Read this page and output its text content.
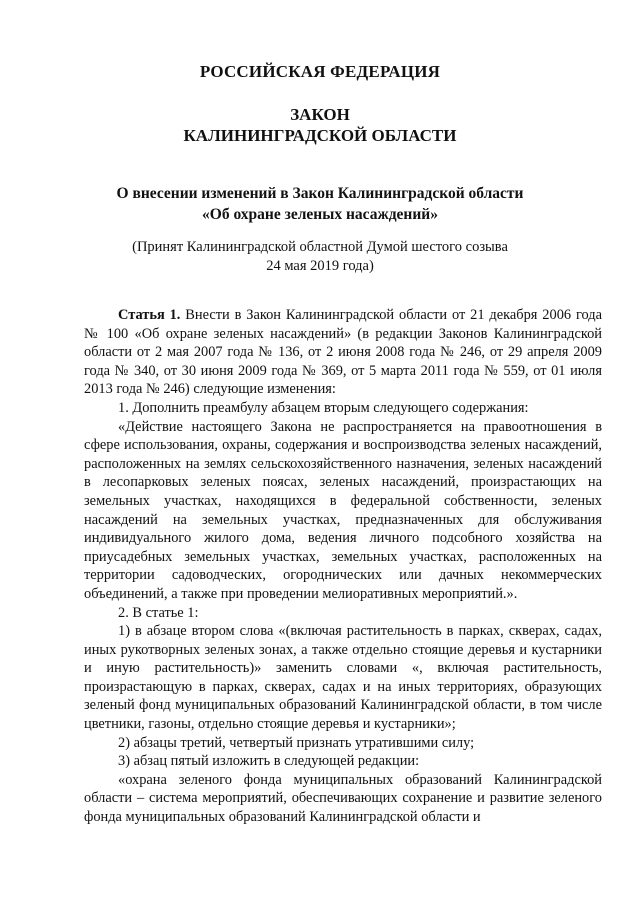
РОССИЙСКАЯ ФЕДЕРАЦИЯ
ЗАКОН
КАЛИНИНГРАДСКОЙ ОБЛАСТИ
О внесении изменений в Закон Калининградской области
«Об охране зеленых насаждений»
(Принят Калининградской областной Думой шестого созыва
24 мая 2019 года)

Статья 1. Внести в Закон Калининградской области от 21 декабря 2006 года № 100 «Об охране зеленых насаждений» (в редакции Законов Калининградской области от 2 мая 2007 года № 136, от 2 июня 2008 года № 246, от 29 апреля 2009 года № 340, от 30 июня 2009 года № 369, от 5 марта 2011 года № 559, от 01 июля 2013 года № 246) следующие изменения:

1. Дополнить преамбулу абзацем вторым следующего содержания:

«Действие настоящего Закона не распространяется на правоотношения в сфере использования, охраны, содержания и воспроизводства зеленых насаждений, расположенных на землях сельскохозяйственного назначения, зеленых насаждений в лесопарковых зеленых поясах, зеленых насаждений, произрастающих на земельных участках, находящихся в федеральной собственности, зеленых насаждений на земельных участках, предназначенных для обслуживания индивидуального жилого дома, ведения личного подсобного хозяйства на приусадебных земельных участках, земельных участках, расположенных на территории садоводческих, огороднических или дачных некоммерческих объединений, а также при проведении мелиоративных мероприятий.».

2. В статье 1:

1) в абзаце втором слова «(включая растительность в парках, скверах, садах, иных рукотворных зеленых зонах, а также отдельно стоящие деревья и кустарники и иную растительность)» заменить словами «, включая растительность, произрастающую в парках, скверах, садах и на иных территориях, образующих зеленый фонд муниципальных образований Калининградской области, в том числе цветники, газоны, отдельно стоящие деревья и кустарники»;

2) абзацы третий, четвертый признать утратившими силу;

3) абзац пятый изложить в следующей редакции:

«охрана зеленого фонда муниципальных образований Калининградской области – система мероприятий, обеспечивающих сохранение и развитие зеленого фонда муниципальных образований Калининградской области и
